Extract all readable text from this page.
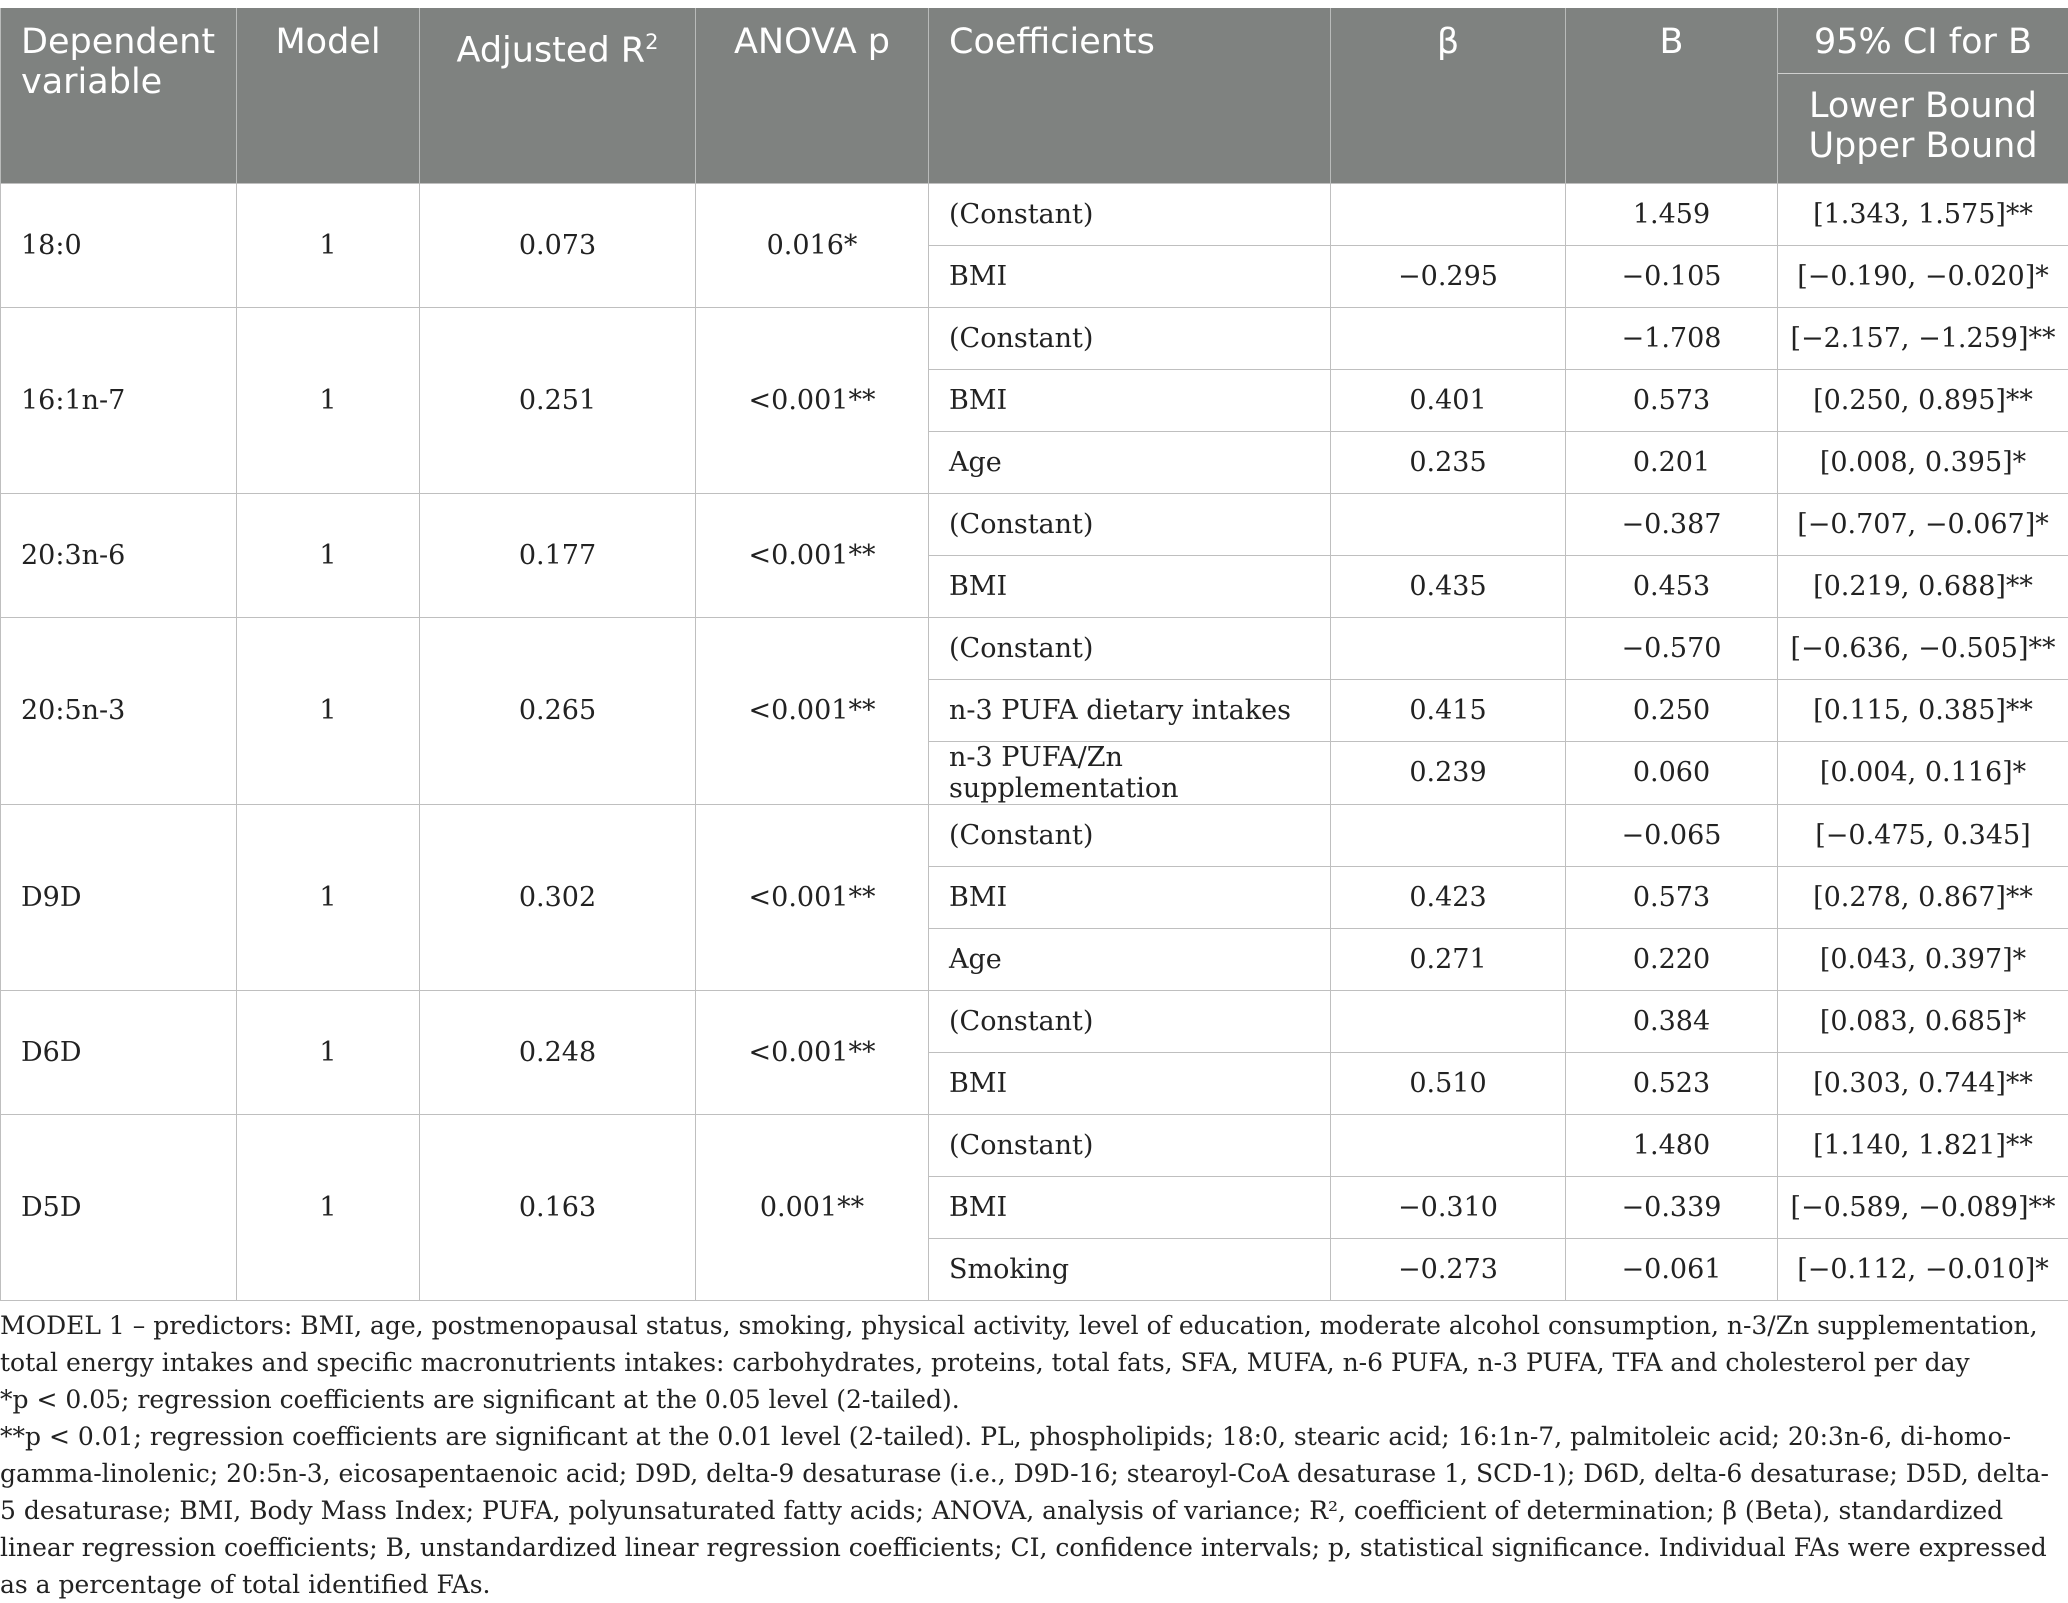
Dependent variable	Model	Adjusted $R^2$	ANOVA p	Coefficients	β	B	95% CI for B
							Lower Bound Upper Bound
18:0	1	0.073	0.016*	(Constant)		1.459	[1.343, 1.575]**
				BMI	−0.295	−0.105	[−0.190, −0.020]*
16:1n-7	1	0.251	<0.001**	(Constant)		−1.708	[−2.157, −1.259]**
				BMI	0.401	0.573	[0.250, 0.895]**
				Age	0.235	0.201	[0.008, 0.395]*
20:3n-6	1	0.177	<0.001**	(Constant)		−0.387	[−0.707, −0.067]*
				BMI	0.435	0.453	[0.219, 0.688]**
20:5n-3	1	0.265	<0.001**	(Constant)		−0.570	[−0.636, −0.505]**
				n-3 PUFA dietary intakes	0.415	0.250	[0.115, 0.385]**
				n-3 PUFA/Zn supplementation	0.239	0.060	[0.004, 0.116]*
D9D	1	0.302	<0.001**	(Constant)		−0.065	[−0.475, 0.345]
				BMI	0.423	0.573	[0.278, 0.867]**
				Age	0.271	0.220	[0.043, 0.397]*
D6D	1	0.248	<0.001**	(Constant)		0.384	[0.083, 0.685]*
				BMI	0.510	0.523	[0.303, 0.744]**
D5D	1	0.163	0.001**	(Constant)		1.480	[1.140, 1.821]**
				BMI	−0.310	−0.339	[−0.589, −0.089]**
				Smoking	−0.273	−0.061	[−0.112, −0.010]*

MODEL 1 – predictors: BMI, age, postmenopausal status, smoking, physical activity, level of education, moderate alcohol consumption, n-3/Zn supplementation, total energy intakes and specific macronutrients intakes: carbohydrates, proteins, total fats, SFA, MUFA, n-6 PUFA, n-3 PUFA, TFA and cholesterol per day

*p < 0.05; regression coefficients are significant at the 0.05 level (2-tailed).

**p < 0.01; regression coefficients are significant at the 0.01 level (2-tailed). PL, phospholipids; 18:0, stearic acid; 16:1n-7, palmitoleic acid; 20:3n-6, di-homo-gamma-linolenic; 20:5n-3, eicosapentaenoic acid; D9D, delta-9 desaturase (i.e., D9D-16; stearoyl-CoA desaturase 1, SCD-1); D6D, delta-6 desaturase; D5D, delta-5 desaturase; BMI, Body Mass Index; PUFA, polyunsaturated fatty acids; ANOVA, analysis of variance; R², coefficient of determination; β (Beta), standardized linear regression coefficients; B, unstandardized linear regression coefficients; CI, confidence intervals; p, statistical significance. Individual FAs were expressed as a percentage of total identified FAs.
